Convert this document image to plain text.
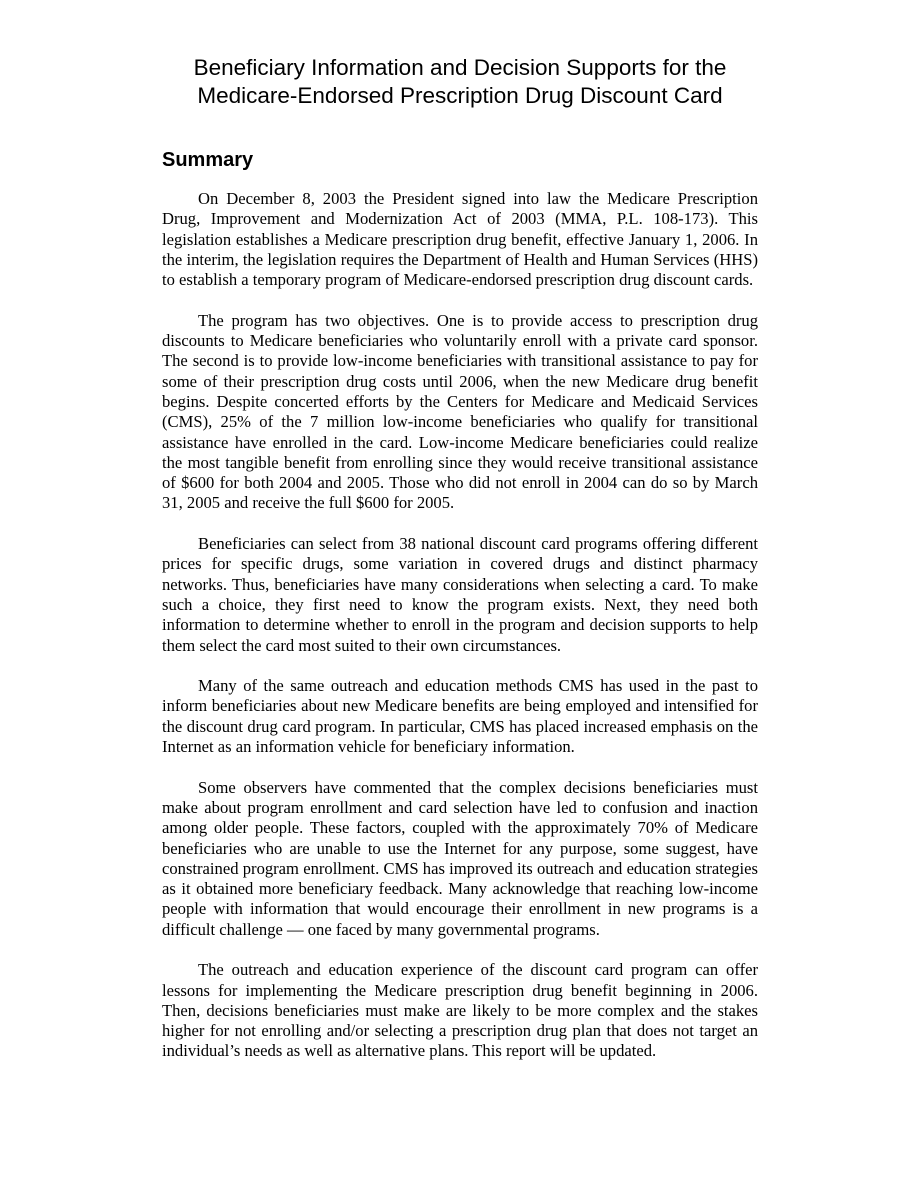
Beneficiary Information and Decision Supports for the
Medicare-Endorsed Prescription Drug Discount Card
Summary

On December 8, 2003 the President signed into law the Medicare Prescription Drug, Improvement and Modernization Act of 2003 (MMA, P.L. 108-173). This legislation establishes a Medicare prescription drug benefit, effective January 1, 2006. In the interim, the legislation requires the Department of Health and Human Services (HHS) to establish a temporary program of Medicare-endorsed prescription drug discount cards.

The program has two objectives. One is to provide access to prescription drug discounts to Medicare beneficiaries who voluntarily enroll with a private card sponsor. The second is to provide low-income beneficiaries with transitional assistance to pay for some of their prescription drug costs until 2006, when the new Medicare drug benefit begins. Despite concerted efforts by the Centers for Medicare and Medicaid Services (CMS), 25% of the 7 million low-income beneficiaries who qualify for transitional assistance have enrolled in the card. Low-income Medicare beneficiaries could realize the most tangible benefit from enrolling since they would receive transitional assistance of $600 for both 2004 and 2005. Those who did not enroll in 2004 can do so by March 31, 2005 and receive the full $600 for 2005.

Beneficiaries can select from 38 national discount card programs offering different prices for specific drugs, some variation in covered drugs and distinct pharmacy networks. Thus, beneficiaries have many considerations when selecting a card. To make such a choice, they first need to know the program exists. Next, they need both information to determine whether to enroll in the program and decision supports to help them select the card most suited to their own circumstances.

Many of the same outreach and education methods CMS has used in the past to inform beneficiaries about new Medicare benefits are being employed and intensified for the discount drug card program. In particular, CMS has placed increased emphasis on the Internet as an information vehicle for beneficiary information.

Some observers have commented that the complex decisions beneficiaries must make about program enrollment and card selection have led to confusion and inaction among older people. These factors, coupled with the approximately 70% of Medicare beneficiaries who are unable to use the Internet for any purpose, some suggest, have constrained program enrollment. CMS has improved its outreach and education strategies as it obtained more beneficiary feedback. Many acknowledge that reaching low-income people with information that would encourage their enrollment in new programs is a difficult challenge — one faced by many governmental programs.

The outreach and education experience of the discount card program can offer lessons for implementing the Medicare prescription drug benefit beginning in 2006. Then, decisions beneficiaries must make are likely to be more complex and the stakes higher for not enrolling and/or selecting a prescription drug plan that does not target an individual’s needs as well as alternative plans. This report will be updated.
